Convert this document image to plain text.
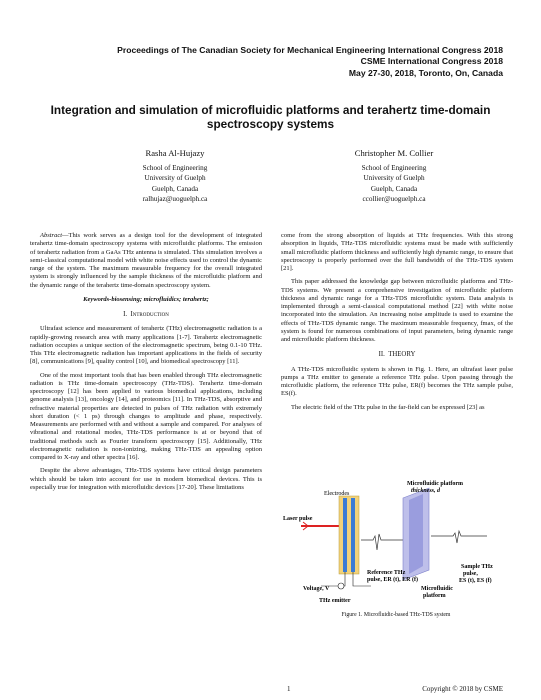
Proceedings of The Canadian Society for Mechanical Engineering International Congress 2018
CSME International Congress 2018
May 27-30, 2018, Toronto, On, Canada
Integration and simulation of microfluidic platforms and terahertz time-domain spectroscopy systems
Rasha Al-Hujazy
School of Engineering
University of Guelph
Guelph, Canada
ralhujaz@uoguelph.ca
Christopher M. Collier
School of Engineering
University of Guelph
Guelph, Canada
ccollier@uoguelph.ca

Abstract—This work serves as a design tool for the development of integrated terahertz time-domain spectroscopy systems with microfluidic platforms. The emission of terahertz radiation from a GaAs THz antenna is simulated. This simulation involves a semi-classical computational model with white noise effects used to control the dynamic range of the system. The maximum measurable frequency for the overall integrated system is strongly influenced by the sample thickness of the microfluidic platform and the dynamic range of the terahertz time-domain spectroscopy system.

Keywords-biosensing; microfluidics; terahertz;
I. Introduction

Ultrafast science and measurement of terahertz (THz) electromagnetic radiation is a rapidly-growing research area with many applications [1-7]. Terahertz electromagnetic radiation occupies a unique section of the electromagnetic spectrum, being 0.1-10 THz. This THz electromagnetic radiation has important applications in the fields of security [8], communications [9], quality control [10], and biomedical spectroscopy [11].

One of the most important tools that has been enabled through THz electromagnetic radiation is THz time-domain spectroscopy (THz-TDS). Terahertz time-domain spectroscopy [12] has been applied to various biomedical applications, including genome analysis [13], oncology [14], and proteomics [11]. In THz-TDS, absorptive and refractive material properties are detected in pulses of THz radiation with extremely short duration (< 1 ps) through changes to amplitude and phase, respectively. Measurements are performed with and without a sample and compared. For analyses of vibrational and rotational modes, THz-TDS performance is at or beyond that of traditional methods such as Fourier transform spectroscopy [15]. Additionally, THz electromagnetic radiation is non-ionizing, making THz-TDS an appealing option compared to X-ray and other spectra [16].

Despite the above advantages, THz-TDS systems have critical design parameters which should be taken into account for use in modern biomedical devices. This is especially true for integration with microfluidic devices [17-20]. These limitations

come from the strong absorption of liquids at THz frequencies. With this strong absorption in liquids, THz-TDS microfluidic systems must be made with sufficiently small microfluidic platform thickness and sufficiently high dynamic range, to ensure that spectroscopy is properly performed over the full bandwidth of the THz-TDS system [21].

This paper addressed the knowledge gap between microfluidic platforms and THz-TDS systems. We present a comprehensive investigation of microfluidic platform thickness and dynamic range for a THz-TDS microfluidic system. Data analysis is implemented through a semi-classical computational method [22] with white noise incorporated into the simulation. An increasing noise amplitude is used to examine the effects of THz-TDS dynamic range. The maximum measurable frequency, fmax, of the system is found for numerous combinations of input parameters, being dynamic range and microfluidic platform thickness.

II. THEORY

A THz-TDS microfluidic system is shown in Fig. 1. Here, an ultrafast laser pulse pumps a THz emitter to generate a reference THz pulse. Upon passing through the microfluidic platform, the reference THz pulse, ER(f) becomes the THz sample pulse, ES(f).

The electric field of the THz pulse in the far-field can be expressed [23] as

Electrodes
Microfluidic platform
thickness, d
Laser pulse
Voltage, V
THz emitter
Reference THz
pulse, ER (t), ER (f)
Sample THz
pulse,
ES (t), ES (f)
Microfluidic
platform
Figure 1. Microfluidic-based THz-TDS system
1	Copyright © 2018 by CSME
